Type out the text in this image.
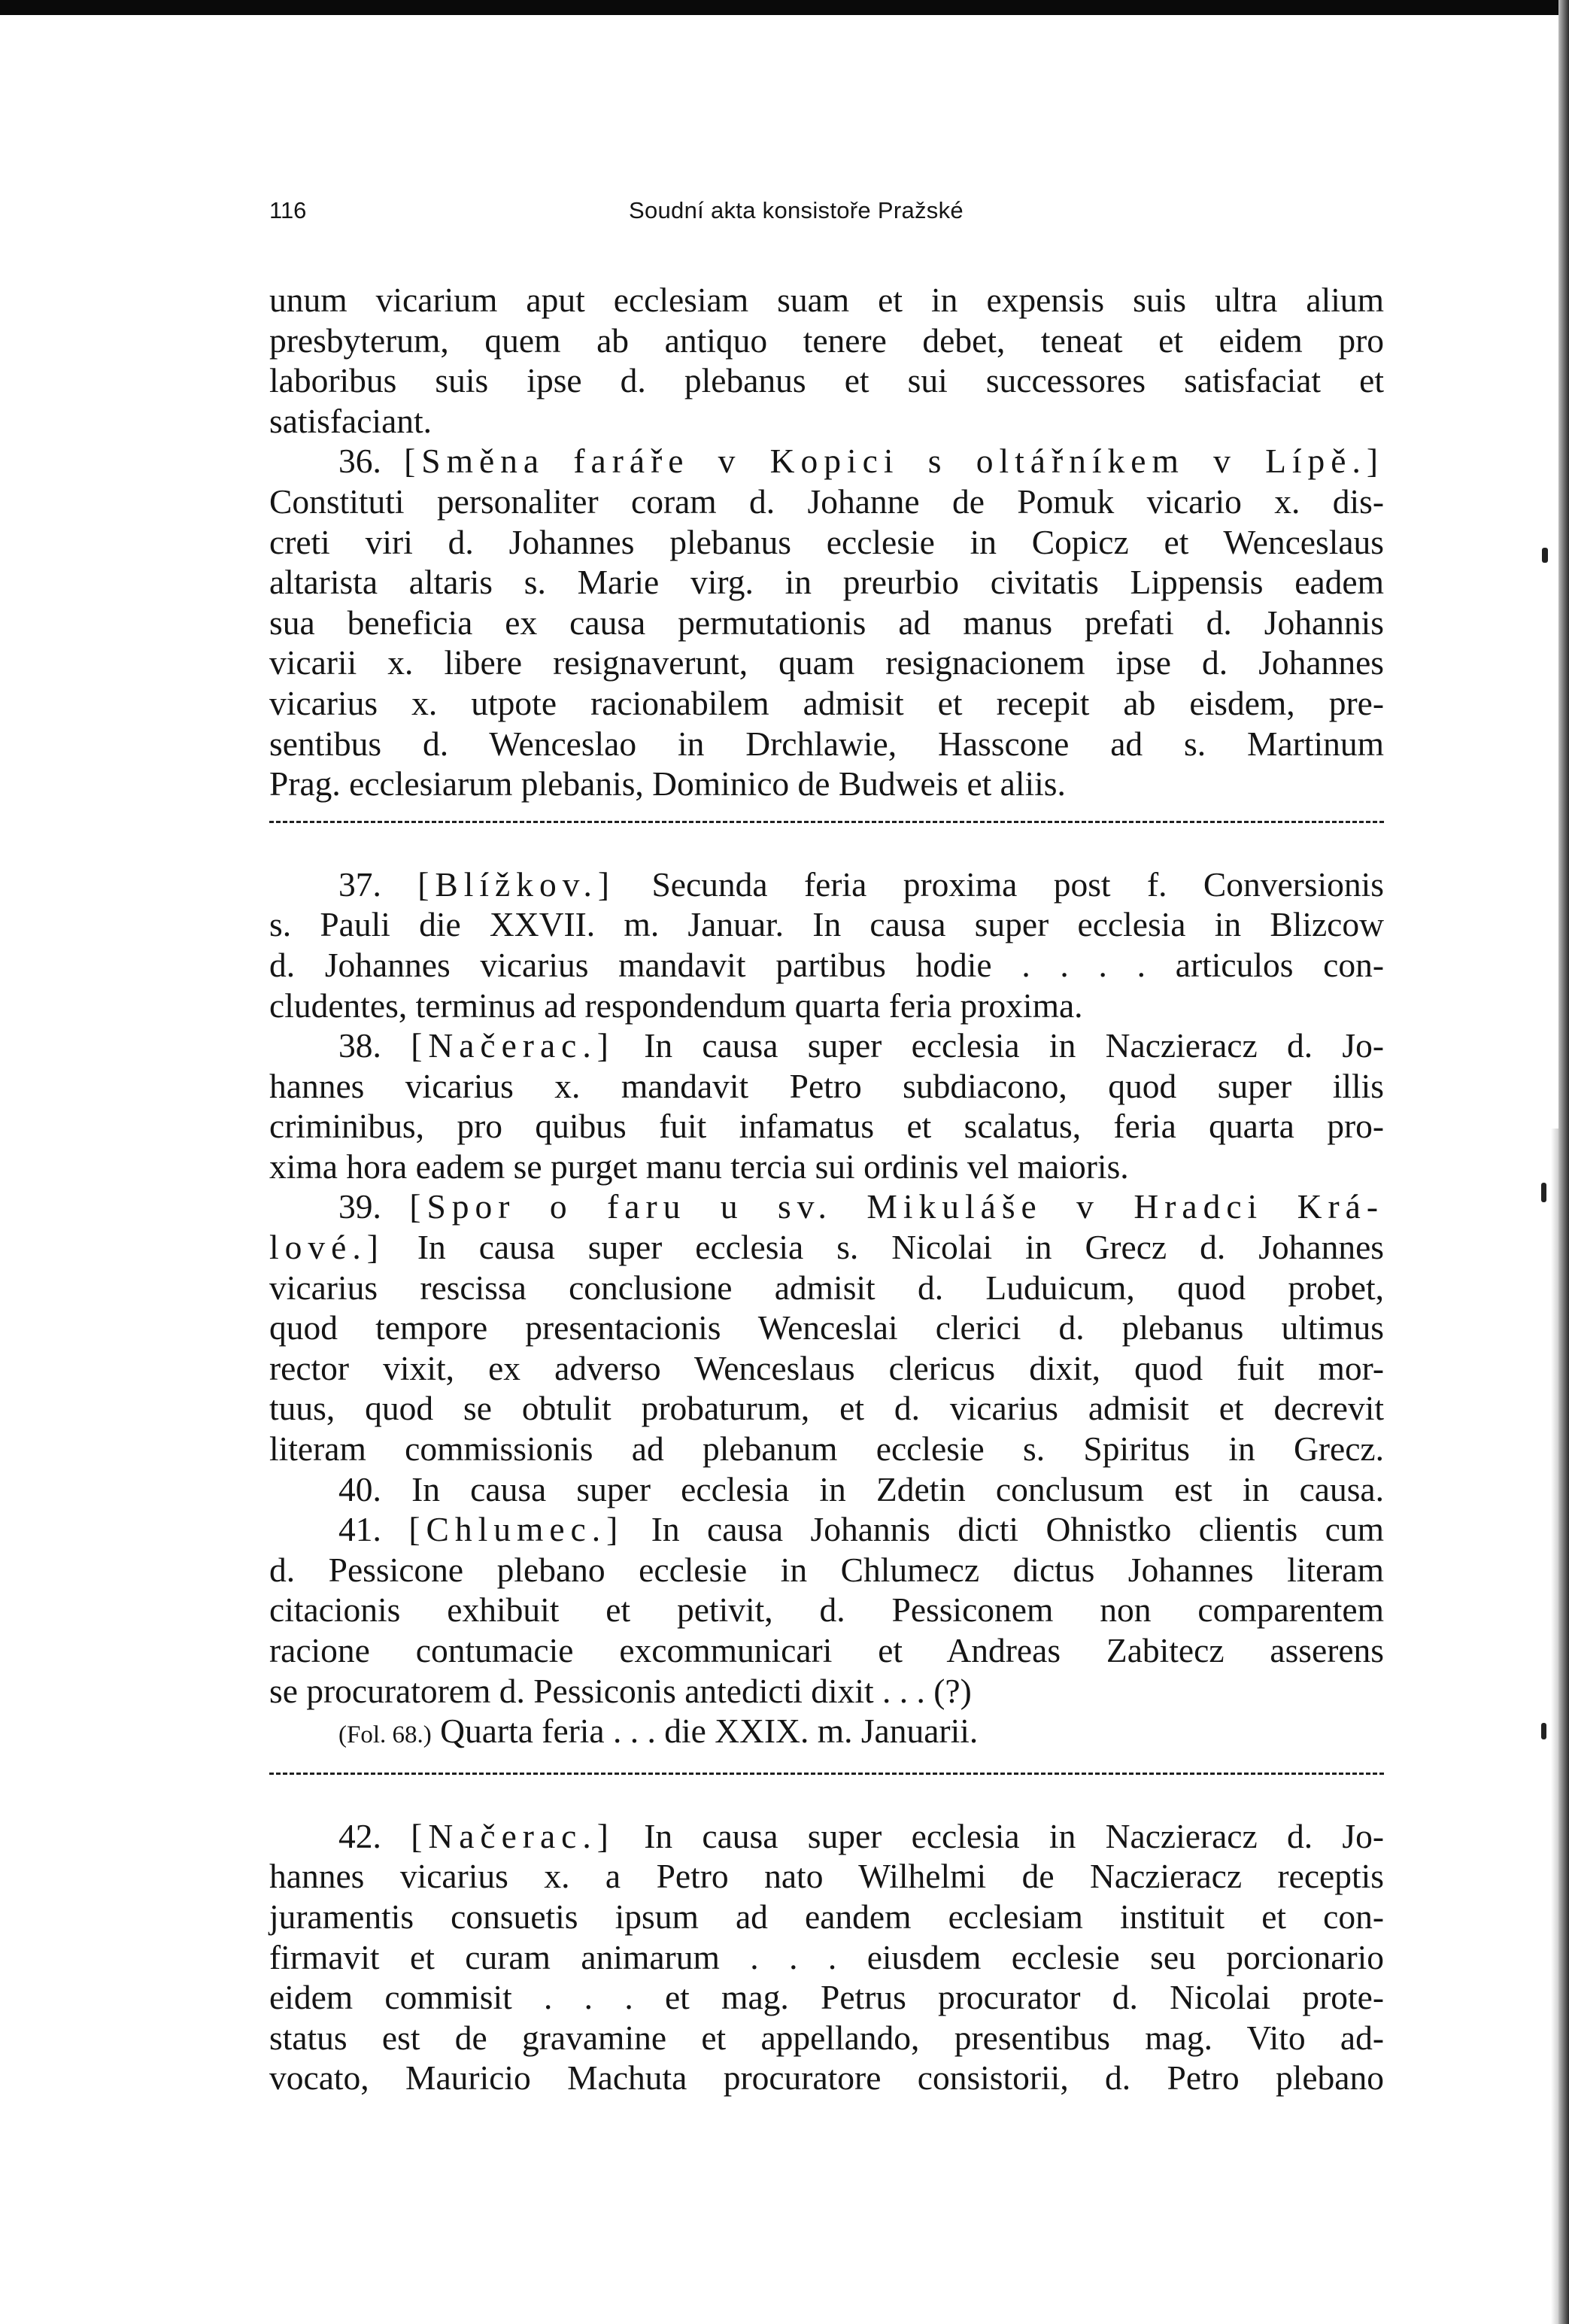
116	Soudní akta konsistoře Pražské

unum vicarium aput ecclesiam suam et in expensis suis ultra alium

presbyterum, quem ab antiquo tenere debet, teneat et eidem pro

laboribus suis ipse d. plebanus et sui successores satisfaciat et

satisfaciant.

36. [Směna faráře v Kopici s oltářníkem v Lípě.]

Constituti personaliter coram d. Johanne de Pomuk vicario x. dis-

creti viri d. Johannes plebanus ecclesie in Copicz et Wenceslaus

altarista altaris s. Marie virg. in preurbio civitatis Lippensis eadem

sua beneficia ex causa permutationis ad manus prefati d. Johannis

vicarii x. libere resignaverunt, quam resignacionem ipse d. Johannes

vicarius x. utpote racionabilem admisit et recepit ab eisdem, pre-

sentibus d. Wenceslao in Drchlawie, Hasscone ad s. Martinum

Prag. ecclesiarum plebanis, Dominico de Budweis et aliis.

37. [Blížkov.] Secunda feria proxima post f. Conversionis

s. Pauli die XXVII. m. Januar. In causa super ecclesia in Blizcow

d. Johannes vicarius mandavit partibus hodie . . . . articulos con-

cludentes, terminus ad respondendum quarta feria proxima.

38. [Načerac.] In causa super ecclesia in Naczieracz d. Jo-

hannes vicarius x. mandavit Petro subdiacono, quod super illis

criminibus, pro quibus fuit infamatus et scalatus, feria quarta pro-

xima hora eadem se purget manu tercia sui ordinis vel maioris.

39. [Spor o faru u sv. Mikuláše v Hradci Krá-

lové.] In causa super ecclesia s. Nicolai in Grecz d. Johannes

vicarius rescissa conclusione admisit d. Luduicum, quod probet,

quod tempore presentacionis Wenceslai clerici d. plebanus ultimus

rector vixit, ex adverso Wenceslaus clericus dixit, quod fuit mor-

tuus, quod se obtulit probaturum, et d. vicarius admisit et decrevit

literam commissionis ad plebanum ecclesie s. Spiritus in Grecz.

40. In causa super ecclesia in Zdetin conclusum est in causa.

41. [Chlumec.] In causa Johannis dicti Ohnistko clientis cum

d. Pessicone plebano ecclesie in Chlumecz dictus Johannes literam

citacionis exhibuit et petivit, d. Pessiconem non comparentem

racione contumacie excommunicari et Andreas Zabitecz asserens

se procuratorem d. Pessiconis antedicti dixit . . . (?)

(Fol. 68.) Quarta feria . . . die XXIX. m. Januarii.

42. [Načerac.] In causa super ecclesia in Naczieracz d. Jo-

hannes vicarius x. a Petro nato Wilhelmi de Naczieracz receptis

juramentis consuetis ipsum ad eandem ecclesiam instituit et con-

firmavit et curam animarum . . . eiusdem ecclesie seu porcionario

eidem commisit . . . et mag. Petrus procurator d. Nicolai prote-

status est de gravamine et appellando, presentibus mag. Vito ad-

vocato, Mauricio Machuta procuratore consistorii, d. Petro plebano
